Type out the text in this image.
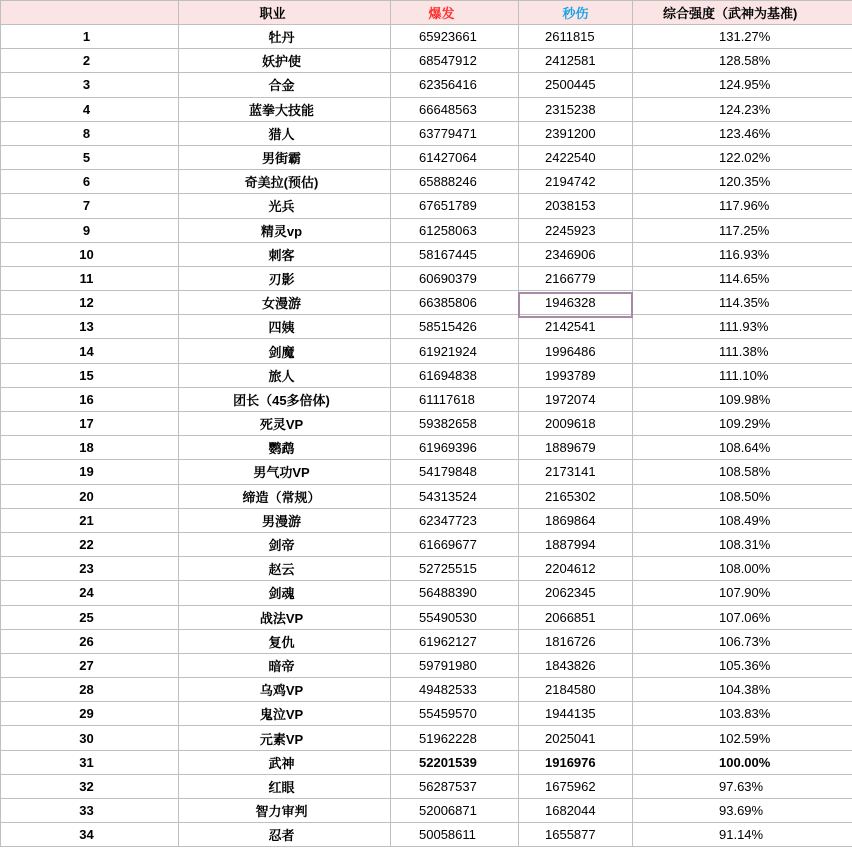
	职业	爆发	秒伤	综合强度（武神为基准)
1	牡丹	65923661	2611815	131.27%
2	妖护使	68547912	2412581	128.58%
3	合金	62356416	2500445	124.95%
4	蓝拳大技能	66648563	2315238	124.23%
8	猎人	63779471	2391200	123.46%
5	男街霸	61427064	2422540	122.02%
6	奇美拉(预估)	65888246	2194742	120.35%
7	光兵	67651789	2038153	117.96%
9	精灵vp	61258063	2245923	117.25%
10	刺客	58167445	2346906	116.93%
11	刃影	60690379	2166779	114.65%
12	女漫游	66385806	1946328	114.35%
13	四姨	58515426	2142541	111.93%
14	剑魔	61921924	1996486	111.38%
15	旅人	61694838	1993789	111.10%
16	团长（45多倍体)	61117618	1972074	109.98%
17	死灵VP	59382658	2009618	109.29%
18	鹦鹉	61969396	1889679	108.64%
19	男气功VP	54179848	2173141	108.58%
20	缔造（常规）	54313524	2165302	108.50%
21	男漫游	62347723	1869864	108.49%
22	剑帝	61669677	1887994	108.31%
23	赵云	52725515	2204612	108.00%
24	剑魂	56488390	2062345	107.90%
25	战法VP	55490530	2066851	107.06%
26	复仇	61962127	1816726	106.73%
27	暗帝	59791980	1843826	105.36%
28	乌鸡VP	49482533	2184580	104.38%
29	鬼泣VP	55459570	1944135	103.83%
30	元素VP	51962228	2025041	102.59%
31	武神	52201539	1916976	100.00%
32	红眼	56287537	1675962	97.63%
33	智力审判	52006871	1682044	93.69%
34	忍者	50058611	1655877	91.14%
